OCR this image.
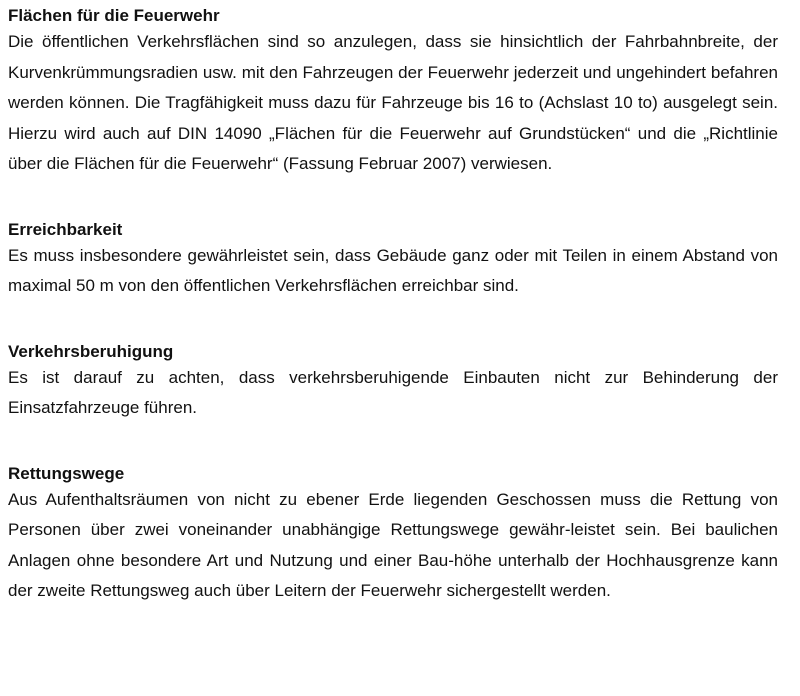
Flächen für die Feuerwehr

Die öffentlichen Verkehrsflächen sind so anzulegen, dass sie hinsichtlich der Fahrbahnbreite, der Kurvenkrümmungsradien usw. mit den Fahrzeugen der Feuerwehr jederzeit und ungehindert befahren werden können. Die Tragfähigkeit muss dazu für Fahrzeuge bis 16 to (Achslast 10 to) ausgelegt sein. Hierzu wird auch auf DIN 14090 „Flächen für die Feuerwehr auf Grundstücken“ und die „Richtlinie über die Flächen für die Feuerwehr“ (Fassung Februar 2007) verwiesen.

Erreichbarkeit

Es muss insbesondere gewährleistet sein, dass Gebäude ganz oder mit Teilen in einem Abstand von maximal 50 m von den öffentlichen Verkehrsflächen erreichbar sind.

Verkehrsberuhigung

Es ist darauf zu achten, dass verkehrsberuhigende Einbauten nicht zur Behinderung der Einsatzfahrzeuge führen.

Rettungswege

Aus Aufenthaltsräumen von nicht zu ebener Erde liegenden Geschossen muss die Rettung von Personen über zwei voneinander unabhängige Rettungswege gewähr-leistet sein. Bei baulichen Anlagen ohne besondere Art und Nutzung und einer Bau-höhe unterhalb der Hochhausgrenze kann der zweite Rettungsweg auch über Leitern der Feuerwehr sichergestellt werden.
